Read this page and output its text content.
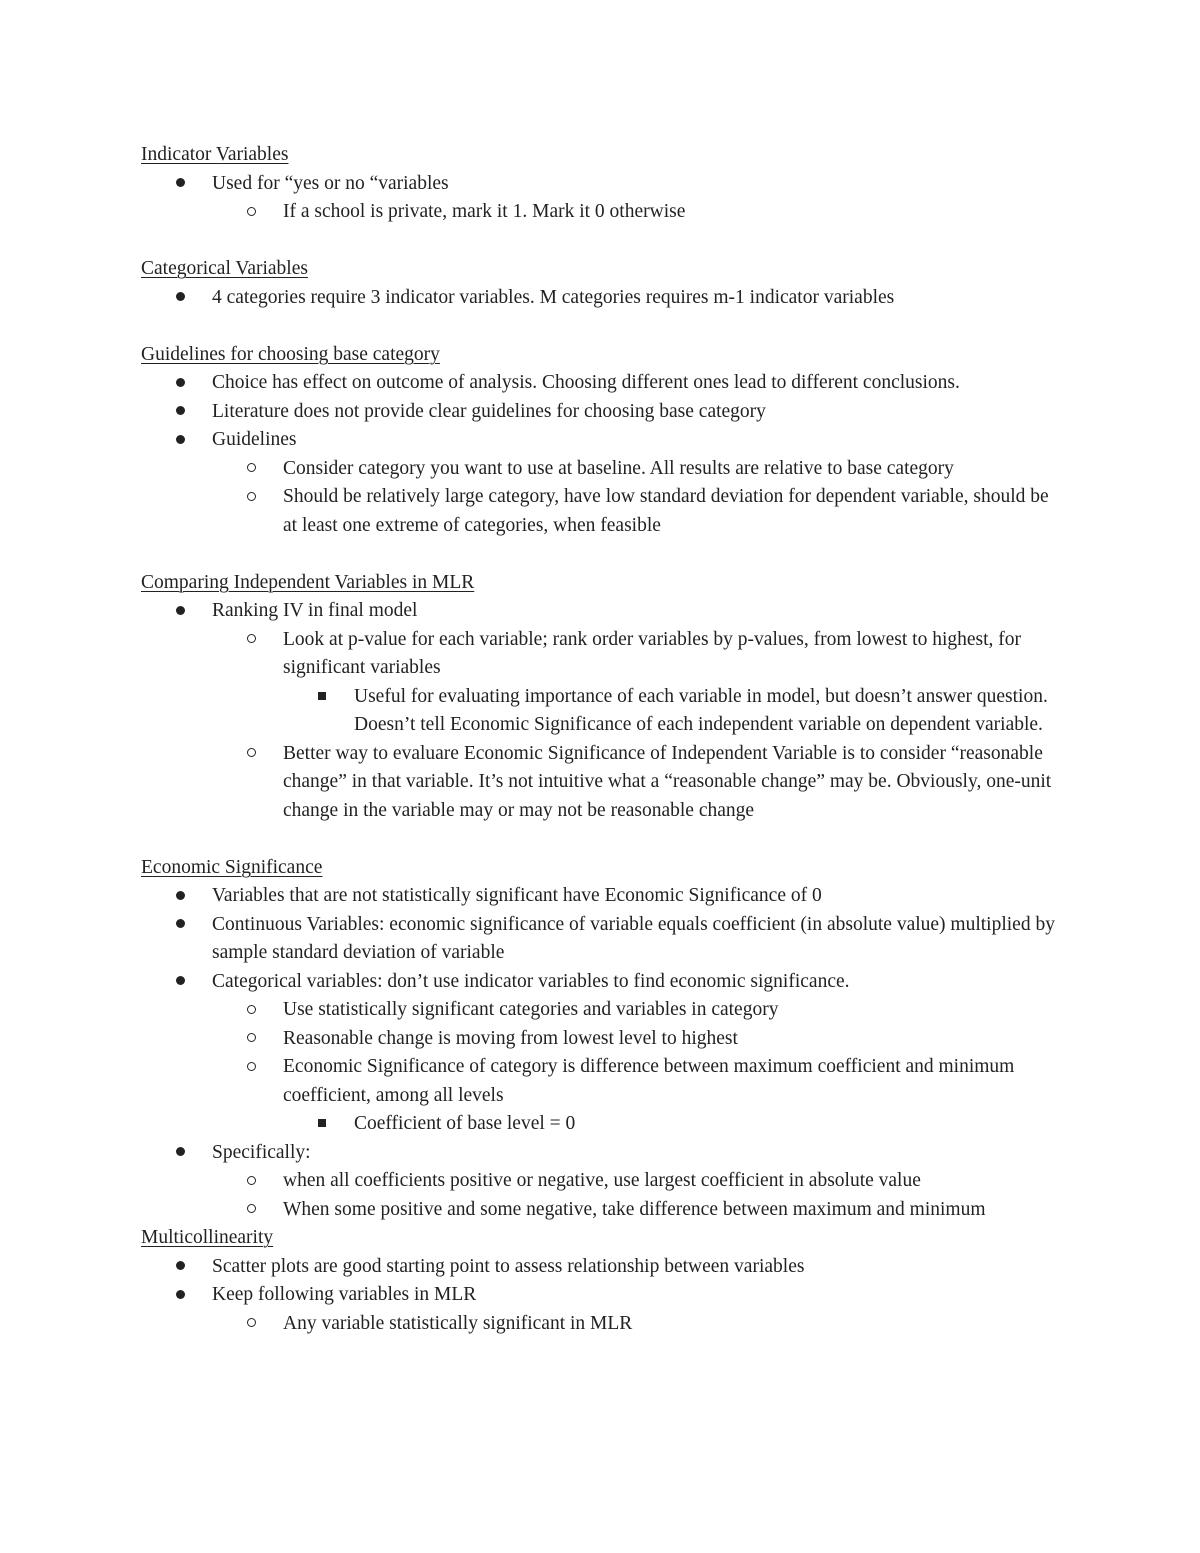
Indicator Variables
Used for “yes or no “variables
If a school is private, mark it 1. Mark it 0 otherwise
Categorical Variables
4 categories require 3 indicator variables. M categories requires m-1 indicator variables
Guidelines for choosing base category
Choice has effect on outcome of analysis. Choosing different ones lead to different conclusions.
Literature does not provide clear guidelines for choosing base category
Guidelines
Consider category you want to use at baseline. All results are relative to base category
Should be relatively large category, have low standard deviation for dependent variable, should be at least one extreme of categories, when feasible
Comparing Independent Variables in MLR
Ranking IV in final model
Look at p-value for each variable; rank order variables by p-values, from lowest to highest, for significant variables
Useful for evaluating importance of each variable in model, but doesn’t answer question. Doesn’t tell Economic Significance of each independent variable on dependent variable.
Better way to evaluare Economic Significance of Independent Variable is to consider “reasonable change” in that variable. It’s not intuitive what a “reasonable change” may be. Obviously, one-unit change in the variable may or may not be reasonable change
Economic Significance
Variables that are not statistically significant have Economic Significance of 0
Continuous Variables: economic significance of variable equals coefficient (in absolute value) multiplied by sample standard deviation of variable
Categorical variables: don’t use indicator variables to find economic significance.
Use statistically significant categories and variables in category
Reasonable change is moving from lowest level to highest
Economic Significance of category is difference between maximum coefficient and minimum coefficient, among all levels
Coefficient of base level = 0
Specifically:
when all coefficients positive or negative, use largest coefficient in absolute value
When some positive and some negative, take difference between maximum and minimum
Multicollinearity
Scatter plots are good starting point to assess relationship between variables
Keep following variables in MLR
Any variable statistically significant in MLR
